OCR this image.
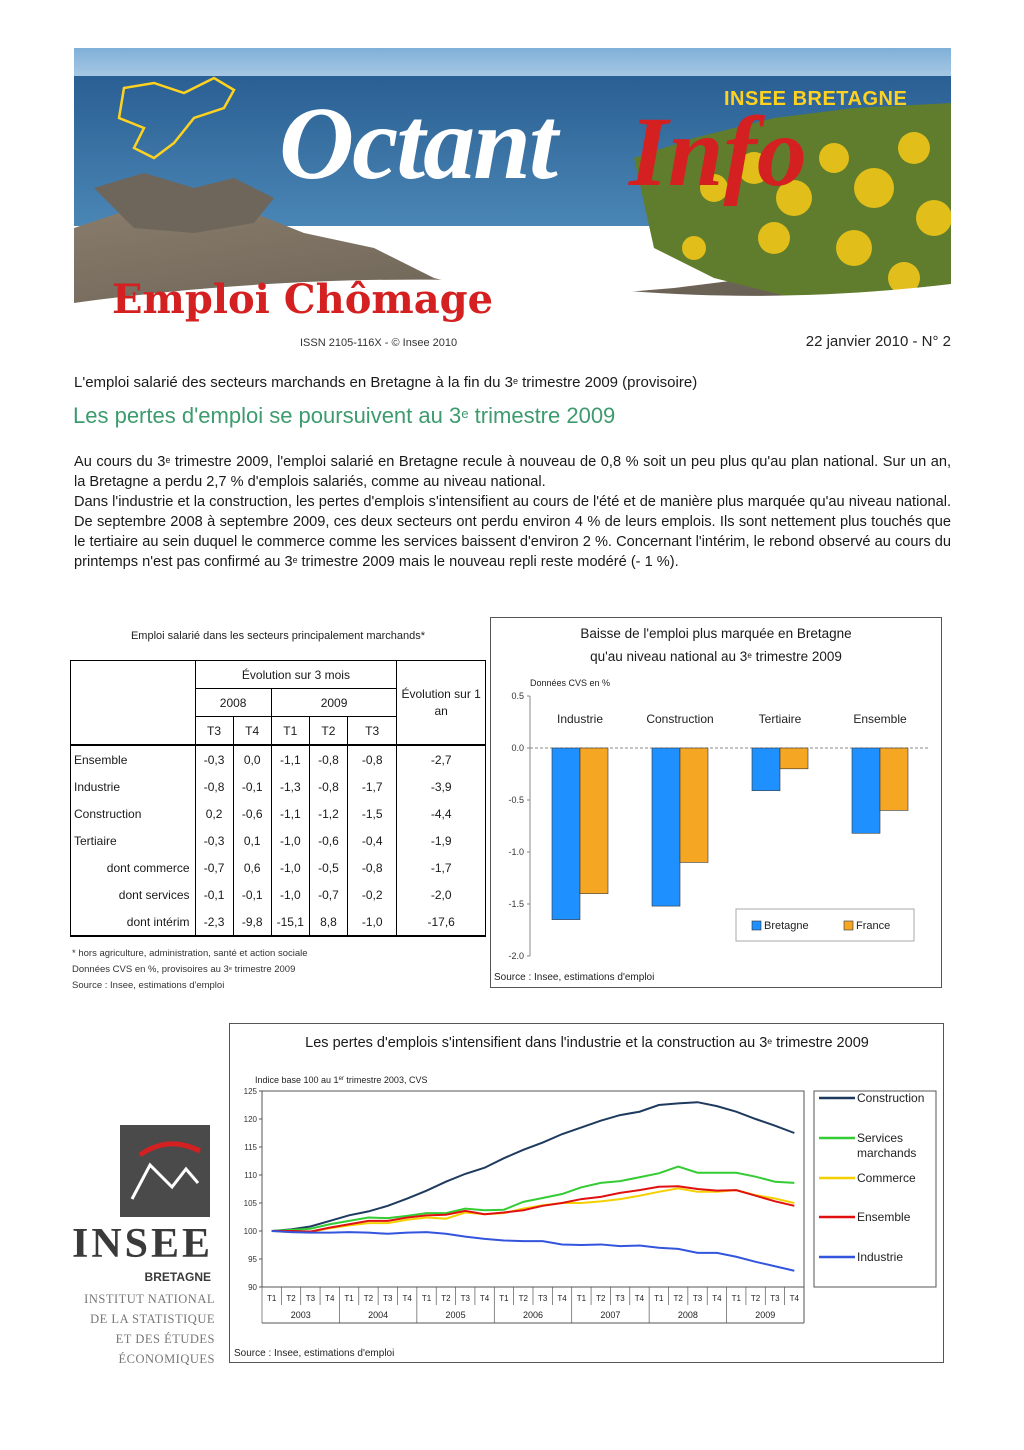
INSEE BRETAGNE
Octant Info
Emploi Chômage
ISSN 2105-116X - © Insee 2010	22 janvier 2010 - N° 2
L'emploi salarié des secteurs marchands en Bretagne à la fin du 3e trimestre 2009 (provisoire)
Les pertes d'emploi se poursuivent au 3e trimestre 2009

Au cours du 3e trimestre 2009, l'emploi salarié en Bretagne recule à nouveau de 0,8 % soit un peu plus qu'au plan national. Sur un an, la Bretagne a perdu 2,7 % d'emplois salariés, comme au niveau national.

Dans l'industrie et la construction, les pertes d'emplois s'intensifient au cours de l'été et de manière plus marquée qu'au niveau national. De septembre 2008 à septembre 2009, ces deux secteurs ont perdu environ 4 % de leurs emplois. Ils sont nettement plus touchés que le tertiaire au sein duquel le commerce comme les services baissent d'environ 2 %. Concernant l'intérim, le rebond observé au cours du printemps n'est pas confirmé au 3e trimestre 2009 mais le nouveau repli reste modéré (- 1 %).

Emploi salarié dans les secteurs principalement marchands*
	Évolution sur 3 mois					Évolution sur 1 an
	2008		2009			
	T3	T4	T1	T2	T3	
Ensemble	-0,3	0,0	-1,1	-0,8	-0,8	-2,7
Industrie	-0,8	-0,1	-1,3	-0,8	-1,7	-3,9
Construction	0,2	-0,6	-1,1	-1,2	-1,5	-4,4
Tertiaire	-0,3	0,1	-1,0	-0,6	-0,4	-1,9
dont commerce	-0,7	0,6	-1,0	-0,5	-0,8	-1,7
dont services	-0,1	-0,1	-1,0	-0,7	-0,2	-2,0
dont intérim	-2,3	-9,8	-15,1	8,8	-1,0	-17,6
* hors agriculture, administration, santé et action sociale
Données CVS en %, provisoires au 3e trimestre 2009
Source : Insee, estimations d'emploi
Baisse de l'emploi plus marquée en Bretagne
qu'au niveau national au 3e trimestre 2009
Données CVS en %
0.5
0.0
-0.5
-1.0
-1.5
-2.0
Industrie	Construction	Tertiaire	Ensemble
Bretagne	France
Source : Insee, estimations d'emploi
Les pertes d'emplois s'intensifient dans l'industrie et la construction au 3e trimestre 2009
Indice base 100 au 1er trimestre 2003, CVS
125
120
115
110
105
100
95
90
T1 T2 T3 T4 T1 T2 T3 T4 T1 T2 T3 T4 T1 T2 T3 T4 T1 T2 T3 T4 T1 T2 T3 T4 T1 T2 T3 T4
2003	2004	2005	2006	2007	2008	2009
Construction
Services marchands
Commerce
Ensemble
Industrie
Source : Insee, estimations d'emploi
INSEE
BRETAGNE
INSTITUT NATIONAL
DE LA STATISTIQUE
ET DES ÉTUDES
ÉCONOMIQUES
